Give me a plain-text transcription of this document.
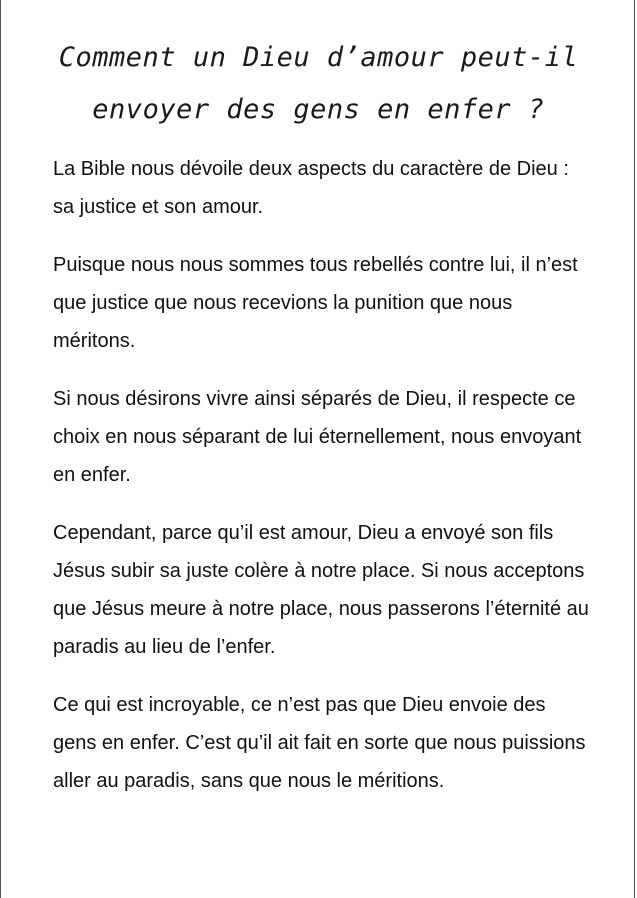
Comment un Dieu d’amour peut-il envoyer des gens en enfer ?

La Bible nous dévoile deux aspects du caractère de Dieu : sa justice et son amour.

Puisque nous nous sommes tous rebellés contre lui, il n’est que justice que nous recevions la punition que nous méritons.

Si nous désirons vivre ainsi séparés de Dieu, il respecte ce choix en nous séparant de lui éternellement, nous envoyant en enfer.

Cependant, parce qu’il est amour, Dieu a envoyé son fils Jésus subir sa juste colère à notre place. Si nous acceptons que Jésus meure à notre place, nous passerons l’éternité au paradis au lieu de l’enfer.

Ce qui est incroyable, ce n’est pas que Dieu envoie des gens en enfer. C’est qu’il ait fait en sorte que nous puissions aller au paradis, sans que nous le méritions.
